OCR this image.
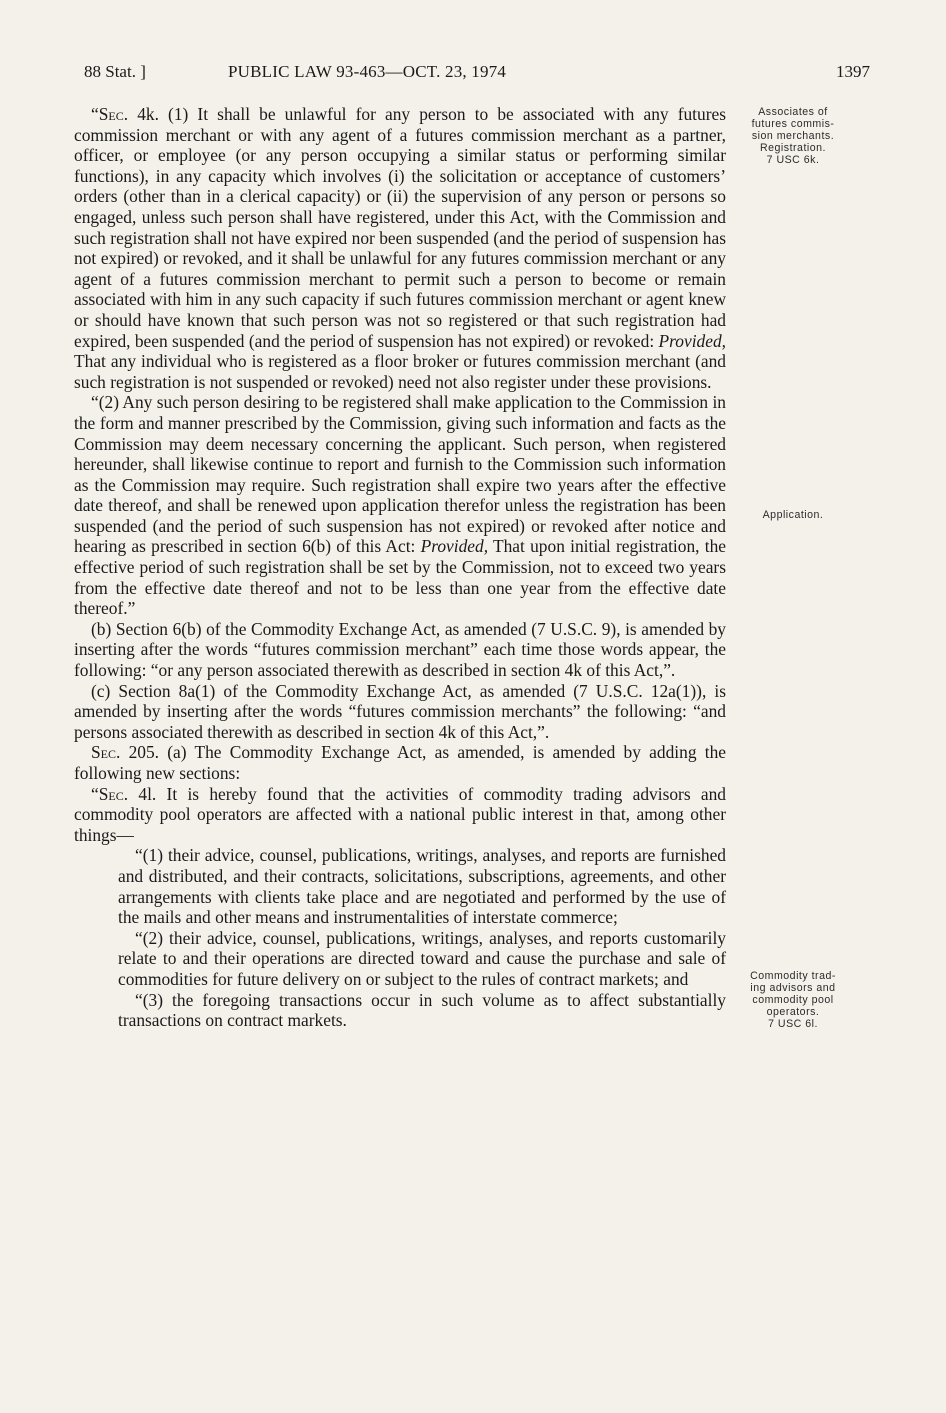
88 Stat. ]	PUBLIC LAW 93-463—OCT. 23, 1974	1397
Associates of
futures commis-
sion merchants.
Registration.
7 USC 6k.
Application.
Commodity trad-
ing advisors and
commodity pool
operators.
7 USC 6l.

“Sec. 4k. (1) It shall be unlawful for any person to be associated with any futures commission merchant or with any agent of a futures commission merchant as a partner, officer, or employee (or any person occupying a similar status or performing similar functions), in any capacity which involves (i) the solicitation or acceptance of customers’ orders (other than in a clerical capacity) or (ii) the supervision of any person or persons so engaged, unless such person shall have registered, under this Act, with the Commission and such registration shall not have expired nor been suspended (and the period of suspension has not expired) or revoked, and it shall be unlawful for any futures commission merchant or any agent of a futures commission merchant to permit such a person to become or remain associated with him in any such capacity if such futures commission merchant or agent knew or should have known that such person was not so registered or that such registration had expired, been suspended (and the period of suspension has not expired) or revoked: Provided, That any individual who is registered as a floor broker or futures commission merchant (and such registration is not suspended or revoked) need not also register under these provisions.

“(2) Any such person desiring to be registered shall make application to the Commission in the form and manner prescribed by the Commission, giving such information and facts as the Commission may deem necessary concerning the applicant. Such person, when registered hereunder, shall likewise continue to report and furnish to the Commission such information as the Commission may require. Such registration shall expire two years after the effective date thereof, and shall be renewed upon application therefor unless the registration has been suspended (and the period of such suspension has not expired) or revoked after notice and hearing as prescribed in section 6(b) of this Act: Provided, That upon initial registration, the effective period of such registration shall be set by the Commission, not to exceed two years from the effective date thereof and not to be less than one year from the effective date thereof.”

(b) Section 6(b) of the Commodity Exchange Act, as amended (7 U.S.C. 9), is amended by inserting after the words “futures commission merchant” each time those words appear, the following: “or any person associated therewith as described in section 4k of this Act,”.

(c) Section 8a(1) of the Commodity Exchange Act, as amended (7 U.S.C. 12a(1)), is amended by inserting after the words “futures commission merchants” the following: “and persons associated therewith as described in section 4k of this Act,”.

Sec. 205. (a) The Commodity Exchange Act, as amended, is amended by adding the following new sections:

“Sec. 4l. It is hereby found that the activities of commodity trading advisors and commodity pool operators are affected with a national public interest in that, among other things—

“(1) their advice, counsel, publications, writings, analyses, and reports are furnished and distributed, and their contracts, solicitations, subscriptions, agreements, and other arrangements with clients take place and are negotiated and performed by the use of the mails and other means and instrumentalities of interstate commerce;

“(2) their advice, counsel, publications, writings, analyses, and reports customarily relate to and their operations are directed toward and cause the purchase and sale of commodities for future delivery on or subject to the rules of contract markets; and

“(3) the foregoing transactions occur in such volume as to affect substantially transactions on contract markets.
